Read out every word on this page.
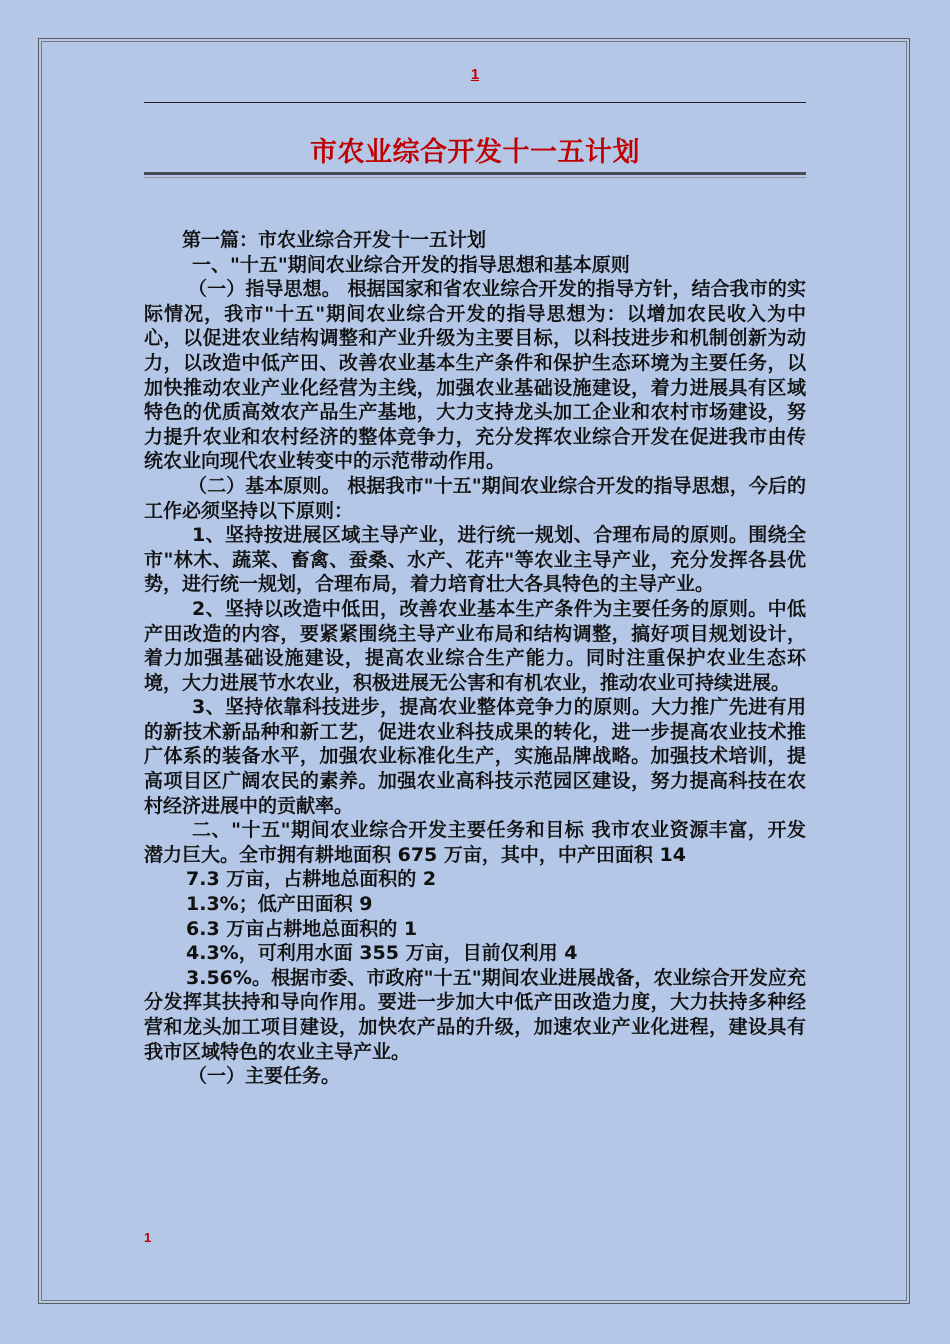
1
市农业综合开发十一五计划

第一篇：市农业综合开发十一五计划

一、"十五"期间农业综合开发的指导思想和基本原则

（一）指导思想。 根据国家和省农业综合开发的指导方针，结合我市的实际情况，我市"十五"期间农业综合开发的指导思想为：以增加农民收入为中心，以促进农业结构调整和产业升级为主要目标，以科技进步和机制创新为动力，以改造中低产田、改善农业基本生产条件和保护生态环境为主要任务，以加快推动农业产业化经营为主线，加强农业基础设施建设，着力进展具有区域特色的优质高效农产品生产基地，大力支持龙头加工企业和农村市场建设，努力提升农业和农村经济的整体竞争力，充分发挥农业综合开发在促进我市由传统农业向现代农业转变中的示范带动作用。

（二）基本原则。 根据我市"十五"期间农业综合开发的指导思想，今后的工作必须坚持以下原则：

1、坚持按进展区域主导产业，进行统一规划、合理布局的原则。围绕全市"林木、蔬菜、畜禽、蚕桑、水产、花卉"等农业主导产业，充分发挥各县优势，进行统一规划，合理布局，着力培育壮大各具特色的主导产业。

2、坚持以改造中低田，改善农业基本生产条件为主要任务的原则。中低产田改造的内容，要紧紧围绕主导产业布局和结构调整，搞好项目规划设计，着力加强基础设施建设，提高农业综合生产能力。同时注重保护农业生态环境，大力进展节水农业，积极进展无公害和有机农业，推动农业可持续进展。

3、坚持依靠科技进步，提高农业整体竞争力的原则。大力推广先进有用的新技术新品种和新工艺，促进农业科技成果的转化，进一步提高农业技术推广体系的装备水平，加强农业标准化生产，实施品牌战略。加强技术培训，提高项目区广阔农民的素养。加强农业高科技示范园区建设，努力提高科技在农村经济进展中的贡献率。

二、"十五"期间农业综合开发主要任务和目标 我市农业资源丰富，开发潜力巨大。全市拥有耕地面积 675 万亩，其中，中产田面积 14

7.3 万亩，占耕地总面积的 2

1.3%；低产田面积 9

6.3 万亩占耕地总面积的 1

4.3%，可利用水面 355 万亩，目前仅利用 4

3.56%。根据市委、市政府"十五"期间农业进展战备，农业综合开发应充分发挥其扶持和导向作用。要进一步加大中低产田改造力度，大力扶持多种经营和龙头加工项目建设，加快农产品的升级，加速农业产业化进程，建设具有我市区域特色的农业主导产业。

（一）主要任务。

1
